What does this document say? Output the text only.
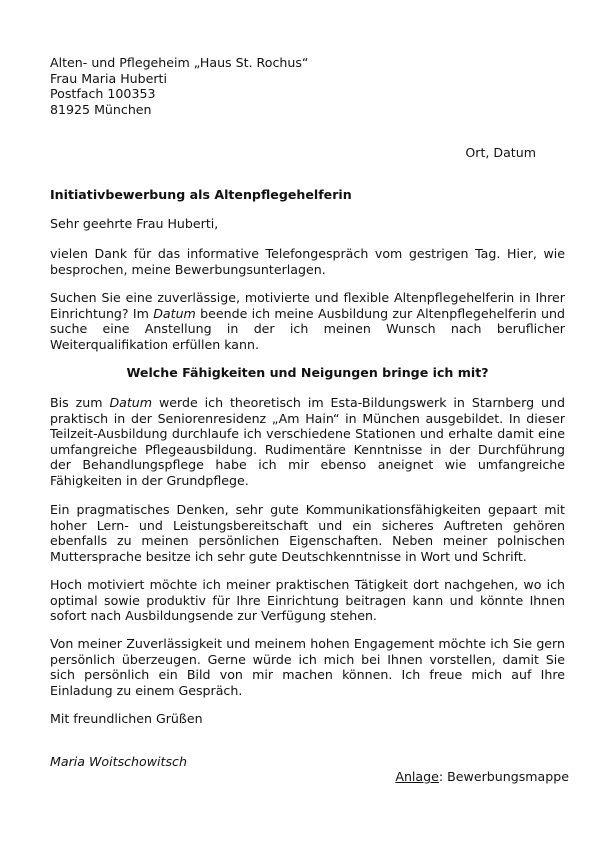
Alten- und Pflegeheim „Haus St. Rochus“
Frau Maria Huberti
Postfach 100353
81925 München
Ort, Datum
Initiativbewerbung als Altenpflegehelferin
Sehr geehrte Frau Huberti,
vielen Dank für das informative Telefongespräch vom gestrigen Tag. Hier, wie besprochen, meine Bewerbungsunterlagen.
Suchen Sie eine zuverlässige, motivierte und flexible Altenpflegehelferin in Ihrer Einrichtung? Im Datum beende ich meine Ausbildung zur Altenpflegehelferin und suche eine Anstellung in der ich meinen Wunsch nach beruflicher Weiterqualifikation erfüllen kann.
Welche Fähigkeiten und Neigungen bringe ich mit?
Bis zum Datum werde ich theoretisch im Esta-Bildungswerk in Starnberg und praktisch in der Seniorenresidenz „Am Hain“ in München ausgebildet. In dieser Teilzeit-Ausbildung durchlaufe ich verschiedene Stationen und erhalte damit eine umfangreiche Pflegeausbildung. Rudimentäre Kenntnisse in der Durchführung der Behandlungspflege habe ich mir ebenso aneignet wie umfangreiche Fähigkeiten in der Grundpflege.
Ein pragmatisches Denken, sehr gute Kommunikationsfähigkeiten gepaart mit hoher Lern- und Leistungsbereitschaft und ein sicheres Auftreten gehören ebenfalls zu meinen persönlichen Eigenschaften. Neben meiner polnischen Muttersprache besitze ich sehr gute Deutschkenntnisse in Wort und Schrift.
Hoch motiviert möchte ich meiner praktischen Tätigkeit dort nachgehen, wo ich optimal sowie produktiv für Ihre Einrichtung beitragen kann und könnte Ihnen sofort nach Ausbildungsende zur Verfügung stehen.
Von meiner Zuverlässigkeit und meinem hohen Engagement möchte ich Sie gern persönlich überzeugen. Gerne würde ich mich bei Ihnen vorstellen, damit Sie sich persönlich ein Bild von mir machen können. Ich freue mich auf Ihre Einladung zu einem Gespräch.
Mit freundlichen Grüßen
Maria Woitschowitsch
Anlage: Bewerbungsmappe
